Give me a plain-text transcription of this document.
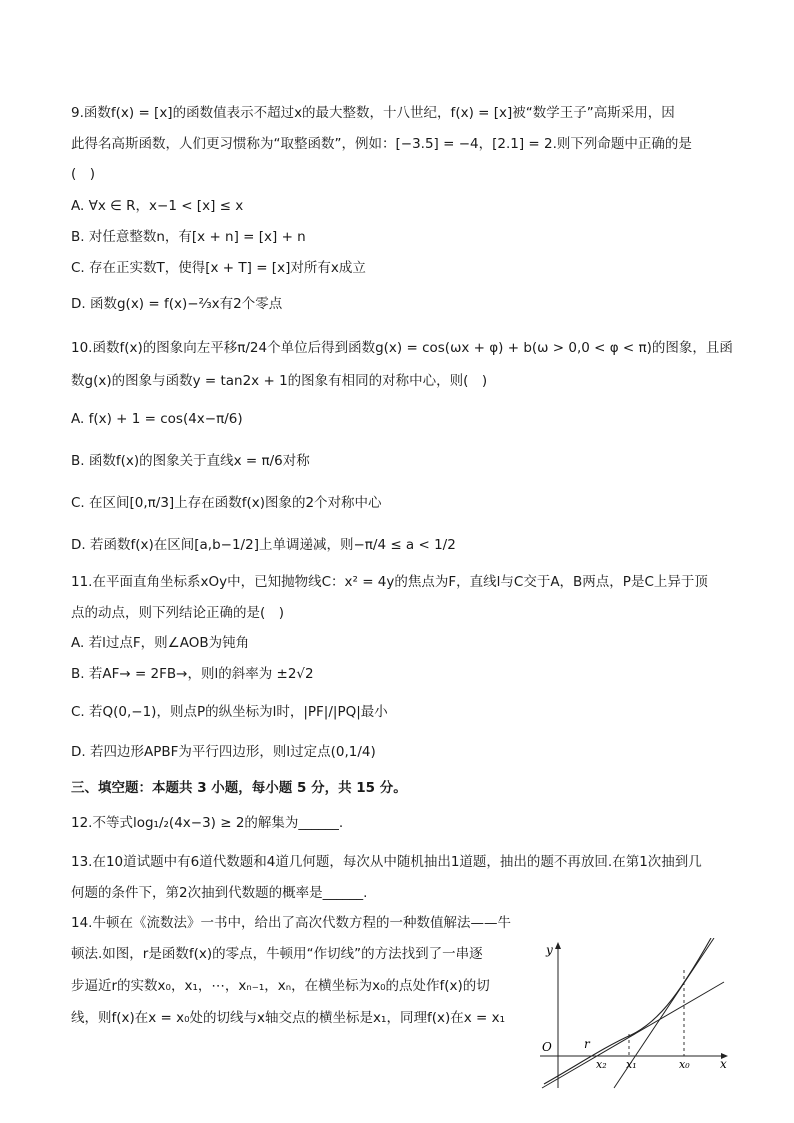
9.函数f(x) = [x]的函数值表示不超过x的最大整数，十八世纪，f(x) = [x]被“数学王子”高斯采用，因
此得名高斯函数，人们更习惯称为“取整函数”，例如：[−3.5] = −4，[2.1] = 2.则下列命题中正确的是
(　)
A. ∀x ∈ R，x−1 < [x] ≤ x
B. 对任意整数n，有[x + n] = [x] + n
C. 存在正实数T，使得[x + T] = [x]对所有x成立
D. 函数g(x) = f(x)−²⁄₃x有2个零点
10.函数f(x)的图象向左平移π/24个单位后得到函数g(x) = cos(ωx + φ) + b(ω > 0,0 < φ < π)的图象，且函
数g(x)的图象与函数y = tan2x + 1的图象有相同的对称中心，则(　)
A. f(x) + 1 = cos(4x−π/6)
B. 函数f(x)的图象关于直线x = π/6对称
C. 在区间[0,π/3]上存在函数f(x)图象的2个对称中心
D. 若函数f(x)在区间[a,b−1/2]上单调递减，则−π/4 ≤ a < 1/2
11.在平面直角坐标系xOy中，已知抛物线C：x² = 4y的焦点为F，直线l与C交于A，B两点，P是C上异于顶
点的动点，则下列结论正确的是(　)
A. 若l过点F，则∠AOB为钝角
B. 若AF→ = 2FB→，则l的斜率为 ±2√2
C. 若Q(0,−1)，则点P的纵坐标为l时，|PF|/|PQ|最小
D. 若四边形APBF为平行四边形，则l过定点(0,1/4)
三、填空题：本题共 3 小题，每小题 5 分，共 15 分。
12.不等式log₁/₂(4x−3) ≥ 2的解集为______.
13.在10道试题中有6道代数题和4道几何题，每次从中随机抽出1道题，抽出的题不再放回.在第1次抽到几
何题的条件下，第2次抽到代数题的概率是______.
14.牛顿在《流数法》一书中，给出了高次代数方程的一种数值解法——牛
顿法.如图，r是函数f(x)的零点，牛顿用“作切线”的方法找到了一串逐
步逼近r的实数x₀，x₁，⋯，xₙ₋₁，xₙ，在横坐标为x₀的点处作f(x)的切
线，则f(x)在x = x₀处的切线与x轴交点的横坐标是x₁，同理f(x)在x = x₁
y
x
O	r
x₂ x₁	x₀
